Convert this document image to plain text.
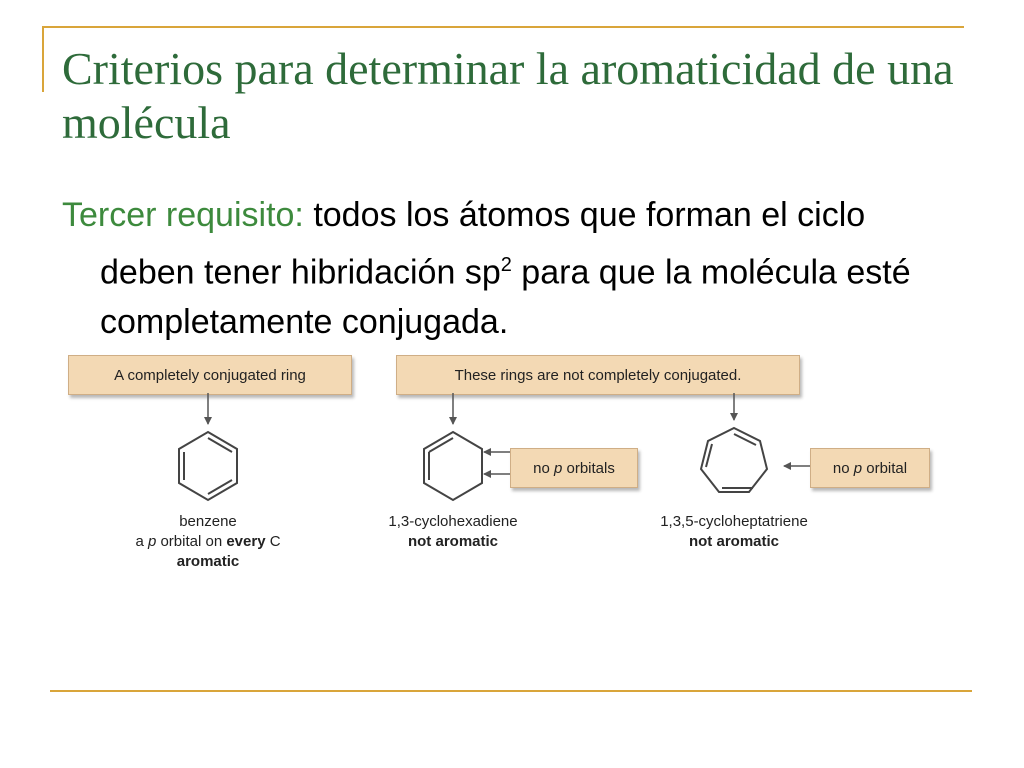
Criterios para determinar la aromaticidad de una molécula

Tercer requisito: todos los átomos que forman el ciclo deben tener hibridación $sp^2$ para que la molécula esté completamente conjugada.

A completely conjugated ring	These rings are not completely conjugated.
no p orbitals	no p orbital
benzene
a p orbital on every C
aromatic
1,3-cyclohexadiene
not aromatic
1,3,5-cycloheptatriene
not aromatic
